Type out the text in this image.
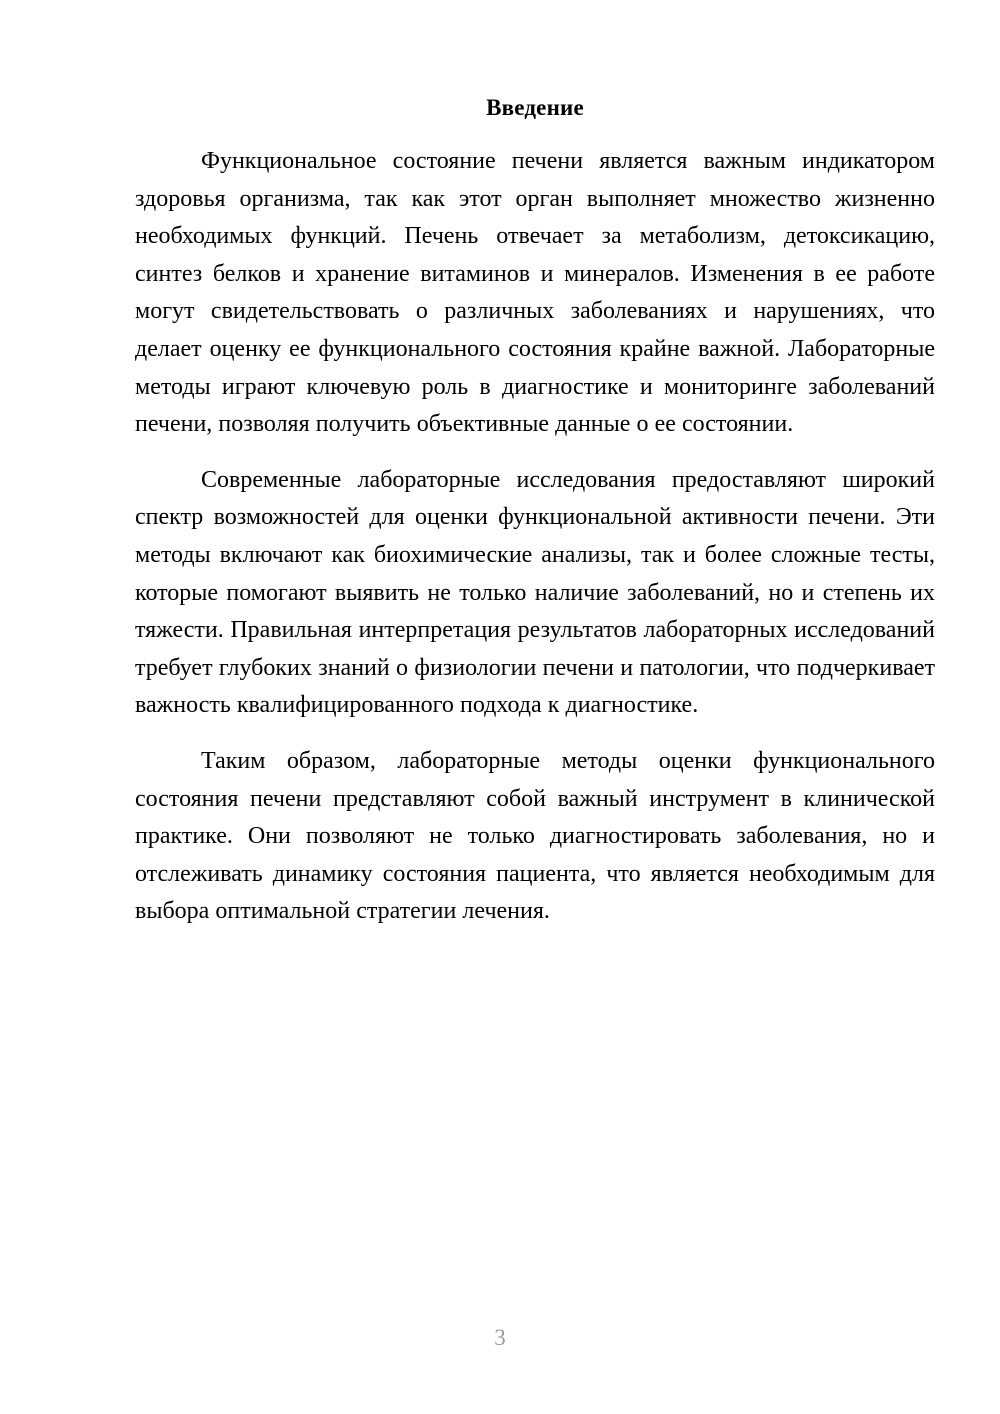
Введение

Функциональное состояние печени является важным индикатором здоровья организма, так как этот орган выполняет множество жизненно необходимых функций. Печень отвечает за метаболизм, детоксикацию, синтез белков и хранение витаминов и минералов. Изменения в ее работе могут свидетельствовать о различных заболеваниях и нарушениях, что делает оценку ее функционального состояния крайне важной. Лабораторные методы играют ключевую роль в диагностике и мониторинге заболеваний печени, позволяя получить объективные данные о ее состоянии.

Современные лабораторные исследования предоставляют широкий спектр возможностей для оценки функциональной активности печени. Эти методы включают как биохимические анализы, так и более сложные тесты, которые помогают выявить не только наличие заболеваний, но и степень их тяжести. Правильная интерпретация результатов лабораторных исследований требует глубоких знаний о физиологии печени и патологии, что подчеркивает важность квалифицированного подхода к диагностике.

Таким образом, лабораторные методы оценки функционального состояния печени представляют собой важный инструмент в клинической практике. Они позволяют не только диагностировать заболевания, но и отслеживать динамику состояния пациента, что является необходимым для выбора оптимальной стратегии лечения.

3
